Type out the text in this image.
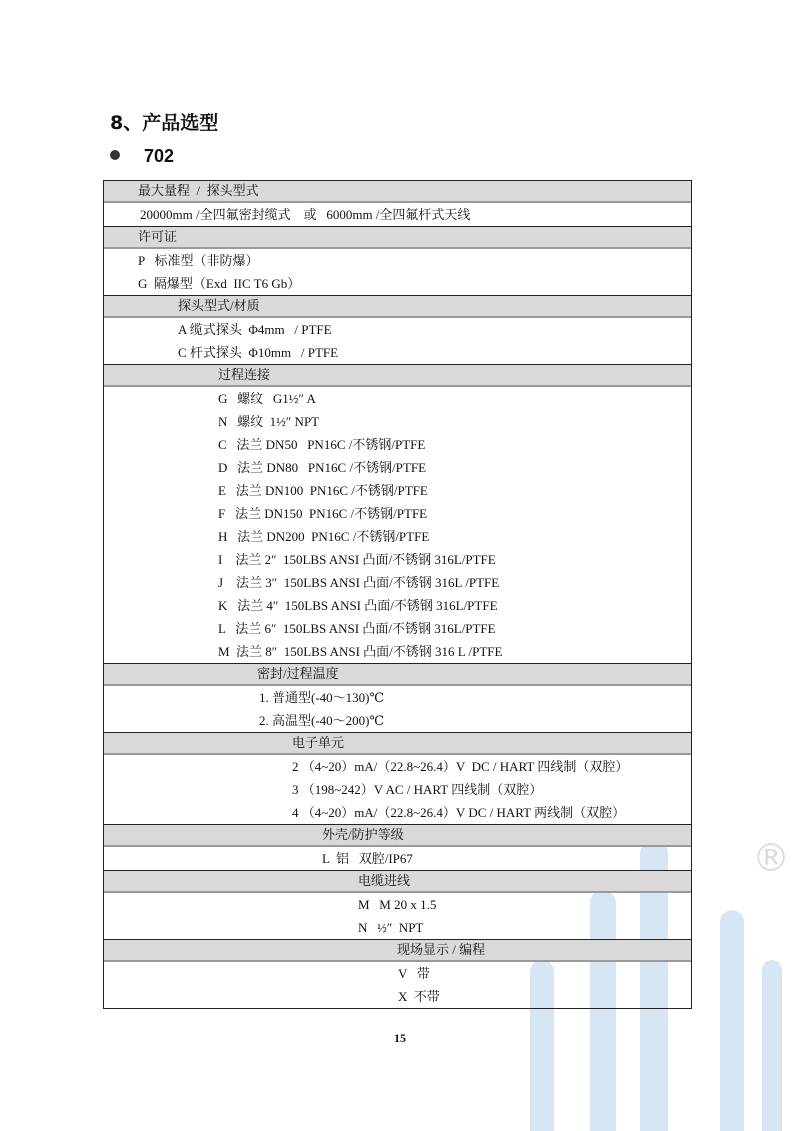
®
8、产品选型
702
最大量程  /  探头型式
20000mm /全四氟密封缆式    或   6000mm /全四氟杆式天线
许可证
P   标准型（非防爆）
G  隔爆型（Exd  IIC T6 Gb）
探头型式/材质
A 缆式探头  Φ4mm   / PTFE
C 杆式探头  Φ10mm   / PTFE
过程连接
G   螺纹   G1½″ A
N   螺纹  1½″ NPT
C   法兰 DN50   PN16C /不锈钢/PTFE
D   法兰 DN80   PN16C /不锈钢/PTFE
E   法兰 DN100  PN16C /不锈钢/PTFE
F   法兰 DN150  PN16C /不锈钢/PTFE
H   法兰 DN200  PN16C /不锈钢/PTFE
I    法兰 2″  150LBS ANSI 凸面/不锈钢 316L/PTFE
J    法兰 3″  150LBS ANSI 凸面/不锈钢 316L /PTFE
K   法兰 4″  150LBS ANSI 凸面/不锈钢 316L/PTFE
L   法兰 6″  150LBS ANSI 凸面/不锈钢 316L/PTFE
M  法兰 8″  150LBS ANSI 凸面/不锈钢 316 L /PTFE
密封/过程温度
1. 普通型(-40～130)℃
2. 高温型(-40～200)℃
电子单元
2 （4~20）mA/（22.8~26.4）V  DC / HART 四线制（双腔）
3 （198~242）V AC / HART 四线制（双腔）
4 （4~20）mA/（22.8~26.4）V DC / HART 两线制（双腔）
外壳/防护等级
L  铝   双腔/IP67
电缆进线
M   M 20 x 1.5
N   ½″  NPT
现场显示 / 编程
V   带
X  不带
15
